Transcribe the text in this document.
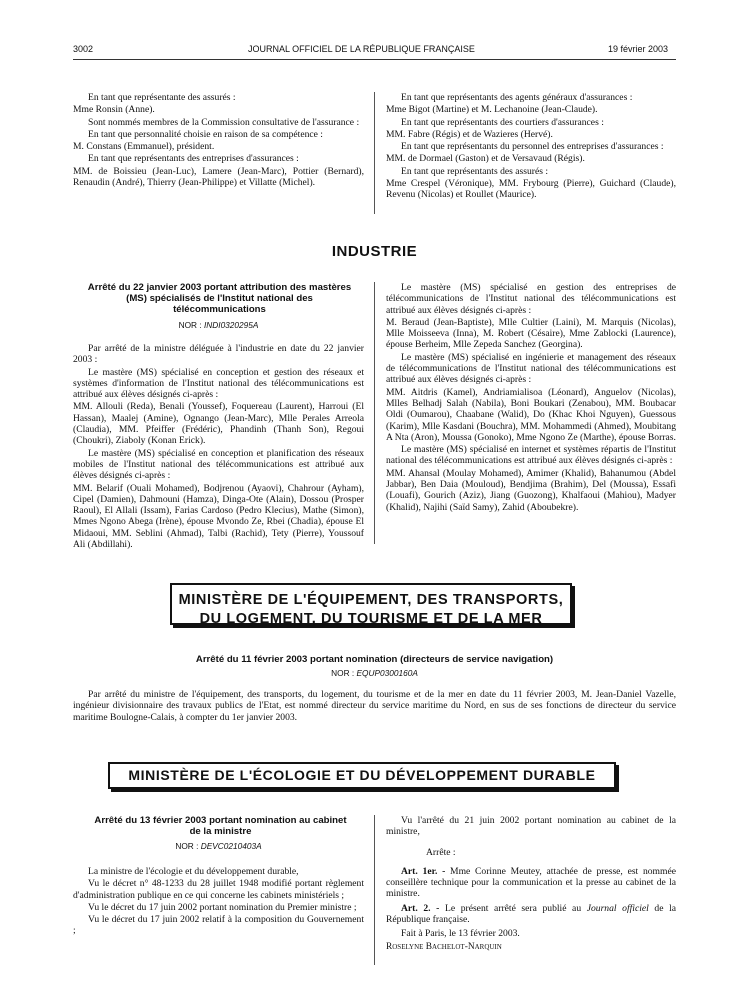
3002	JOURNAL OFFICIEL DE LA RÉPUBLIQUE FRANÇAISE	19 février 2003

En tant que représentante des assurés :

Mme Ronsin (Anne).

Sont nommés membres de la Commission consultative de l'assurance :

En tant que personnalité choisie en raison de sa compétence :

M. Constans (Emmanuel), président.

En tant que représentants des entreprises d'assurances :

MM. de Boissieu (Jean-Luc), Lamere (Jean-Marc), Pottier (Bernard), Renaudin (André), Thierry (Jean-Philippe) et Villatte (Michel).

En tant que représentants des agents généraux d'assurances :

Mme Bigot (Martine) et M. Lechanoine (Jean-Claude).

En tant que représentants des courtiers d'assurances :

MM. Fabre (Régis) et de Wazieres (Hervé).

En tant que représentants du personnel des entreprises d'assurances :

MM. de Dormael (Gaston) et de Versavaud (Régis).

En tant que représentants des assurés :

Mme Crespel (Véronique), MM. Frybourg (Pierre), Guichard (Claude), Revenu (Nicolas) et Roullet (Maurice).

INDUSTRIE
Arrêté du 22 janvier 2003 portant attribution des mastères (MS) spécialisés de l'Institut national des télécommunications
NOR : INDI0320295A

Par arrêté de la ministre déléguée à l'industrie en date du 22 janvier 2003 :

Le mastère (MS) spécialisé en conception et gestion des réseaux et systèmes d'information de l'Institut national des télécommunications est attribué aux élèves désignés ci-après :

MM. Allouli (Reda), Benali (Youssef), Foquereau (Laurent), Harroui (El Hassan), Maalej (Amine), Ognango (Jean-Marc), Mlle Perales Arreola (Claudia), MM. Pfeiffer (Frédéric), Phandinh (Thanh Son), Regoui (Choukri), Ziaboly (Konan Erick).

Le mastère (MS) spécialisé en conception et planification des réseaux mobiles de l'Institut national des télécommunications est attribué aux élèves désignés ci-après :

MM. Belarif (Ouali Mohamed), Bodjrenou (Ayaovi), Chahrour (Ayham), Cipel (Damien), Dahmouni (Hamza), Dinga-Ote (Alain), Dossou (Prosper Raoul), El Allali (Issam), Farias Cardoso (Pedro Klecius), Mathe (Simon), Mmes Ngono Abega (Irène), épouse Mvondo Ze, Rbei (Chadia), épouse El Midaoui, MM. Seblini (Ahmad), Talbi (Rachid), Tety (Pierre), Youssouf Ali (Abdillahi).

Le mastère (MS) spécialisé en gestion des entreprises de télécommunications de l'Institut national des télécommunications est attribué aux élèves désignés ci-après :

M. Beraud (Jean-Baptiste), Mlle Cultier (Laini), M. Marquis (Nicolas), Mlle Moisseeva (Inna), M. Robert (Césaire), Mme Zablocki (Laurence), épouse Berheim, Mlle Zepeda Sanchez (Georgina).

Le mastère (MS) spécialisé en ingénierie et management des réseaux de télécommunications de l'Institut national des télécommunications est attribué aux élèves désignés ci-après :

MM. Aitdris (Kamel), Andriamialisoa (Léonard), Anguelov (Nicolas), Mlles Belhadj Salah (Nabila), Boni Boukari (Zenabou), MM. Boubacar Oldi (Oumarou), Chaabane (Walid), Do (Khac Khoi Nguyen), Guessous (Karim), Mlle Kasdani (Bouchra), MM. Mohammedi (Ahmed), Moubitang A Nta (Aron), Moussa (Gonoko), Mme Ngono Ze (Marthe), épouse Borras.

Le mastère (MS) spécialisé en internet et systèmes répartis de l'Institut national des télécommunications est attribué aux élèves désignés ci-après :

MM. Ahansal (Moulay Mohamed), Amimer (Khalid), Bahanumou (Abdel Jabbar), Ben Daia (Mouloud), Bendjima (Brahim), Del (Moussa), Essafi (Louafi), Gourich (Aziz), Jiang (Guozong), Khalfaoui (Mahiou), Madyer (Khalid), Najihi (Saïd Samy), Zahid (Aboubekre).

MINISTÈRE DE L'ÉQUIPEMENT, DES TRANSPORTS,
DU LOGEMENT, DU TOURISME ET DE LA MER
Arrêté du 11 février 2003 portant nomination (directeurs de service navigation)
NOR : EQUP0300160A

Par arrêté du ministre de l'équipement, des transports, du logement, du tourisme et de la mer en date du 11 février 2003, M. Jean-Daniel Vazelle, ingénieur divisionnaire des travaux publics de l'Etat, est nommé directeur du service maritime du Nord, en sus de ses fonctions de directeur du service maritime Boulogne-Calais, à compter du 1er janvier 2003.

MINISTÈRE DE L'ÉCOLOGIE ET DU DÉVELOPPEMENT DURABLE
Arrêté du 13 février 2003 portant nomination au cabinet de la ministre
NOR : DEVC0210403A

La ministre de l'écologie et du développement durable,

Vu le décret n° 48-1233 du 28 juillet 1948 modifié portant règlement d'administration publique en ce qui concerne les cabinets ministériels ;

Vu le décret du 17 juin 2002 portant nomination du Premier ministre ;

Vu le décret du 17 juin 2002 relatif à la composition du Gouvernement ;

Vu l'arrêté du 21 juin 2002 portant nomination au cabinet de la ministre,

Arrête :

Art. 1er. - Mme Corinne Meutey, attachée de presse, est nommée conseillère technique pour la communication et la presse au cabinet de la ministre.

Art. 2. - Le présent arrêté sera publié au Journal officiel de la République française.

Fait à Paris, le 13 février 2003.

Roselyne Bachelot-Narquin
